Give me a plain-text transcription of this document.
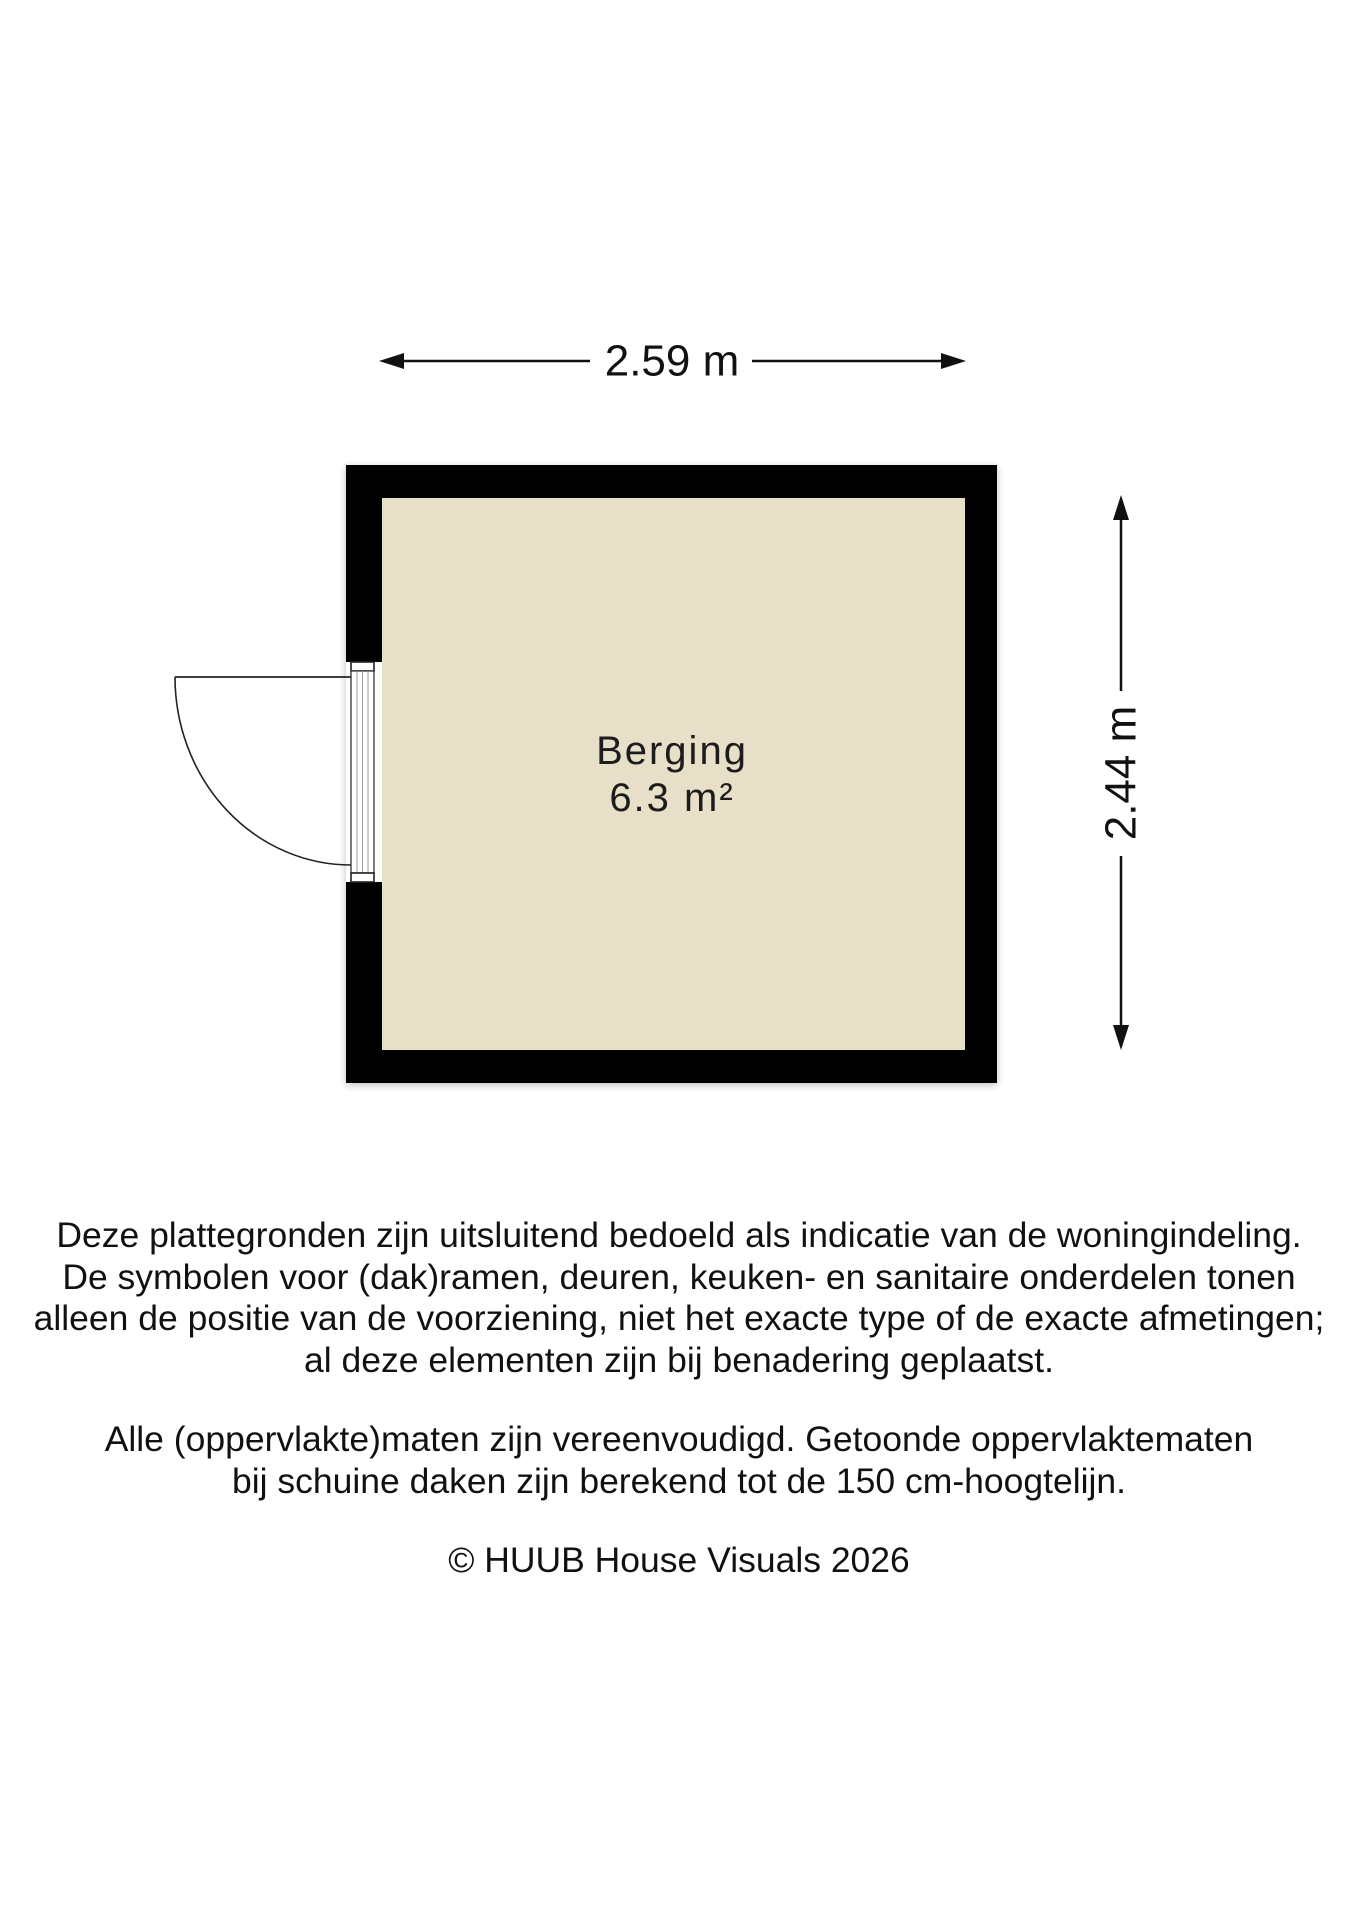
2.59 m
Berging
6.3 m²	2.44 m
Deze plattegronden zijn uitsluitend bedoeld als indicatie van de woningindeling.
De symbolen voor (dak)ramen, deuren, keuken- en sanitaire onderdelen tonen
alleen de positie van de voorziening, niet het exacte type of de exacte afmetingen;
al deze elementen zijn bij benadering geplaatst.
Alle (oppervlakte)maten zijn vereenvoudigd. Getoonde oppervlaktematen
bij schuine daken zijn berekend tot de 150 cm-hoogtelijn.
© HUUB House Visuals 2026
